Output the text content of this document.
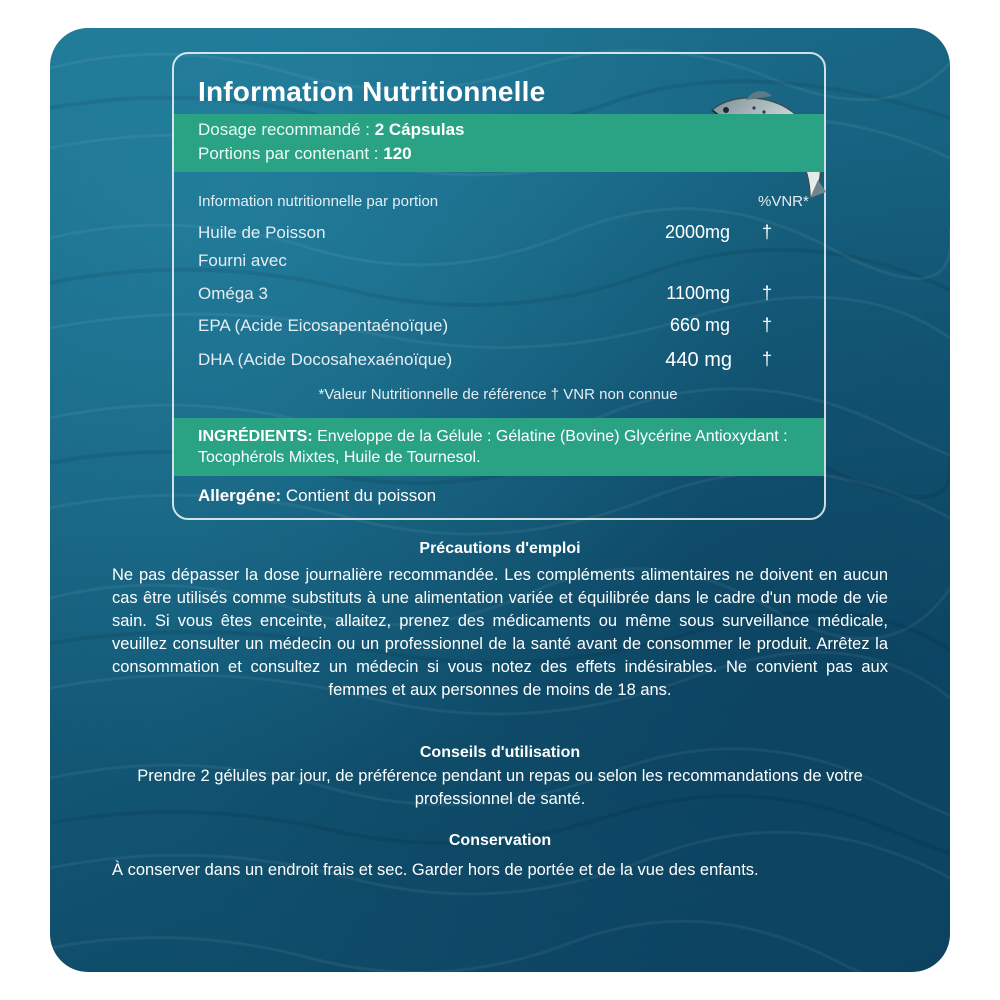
Information Nutritionnelle
Dosage recommandé : 2 Cápsulas
Portions par contenant : 120
Information nutritionnelle par portion	%VNR*
Huile de Poisson	2000mg †
Fourni avec
Oméga 3	1100mg †
EPA (Acide Eicosapentaénoïque)	660 mg †
DHA (Acide Docosahexaénoïque)	440 mg †
*Valeur Nutritionnelle de référence † VNR non connue
INGRÉDIENTS: Enveloppe de la Gélule : Gélatine (Bovine) Glycérine Antioxydant : Tocophérols Mixtes, Huile de Tournesol.
Allergéne: Contient du poisson
Précautions d'emploi
Ne pas dépasser la dose journalière recommandée. Les compléments alimentaires ne doivent en aucun cas être utilisés comme substituts à une alimentation variée et équilibrée dans le cadre d'un mode de vie sain. Si vous êtes enceinte, allaitez, prenez des médicaments ou même sous surveillance médicale, veuillez consulter un médecin ou un professionnel de la santé avant de consommer le produit. Arrêtez la consommation et consultez un médecin si vous notez des effets indésirables. Ne convient pas aux femmes et aux personnes de moins de 18 ans.
Conseils d'utilisation
Prendre 2 gélules par jour, de préférence pendant un repas ou selon les recommandations de votre professionnel de santé.
Conservation
À conserver dans un endroit frais et sec. Garder hors de portée et de la vue des enfants.
